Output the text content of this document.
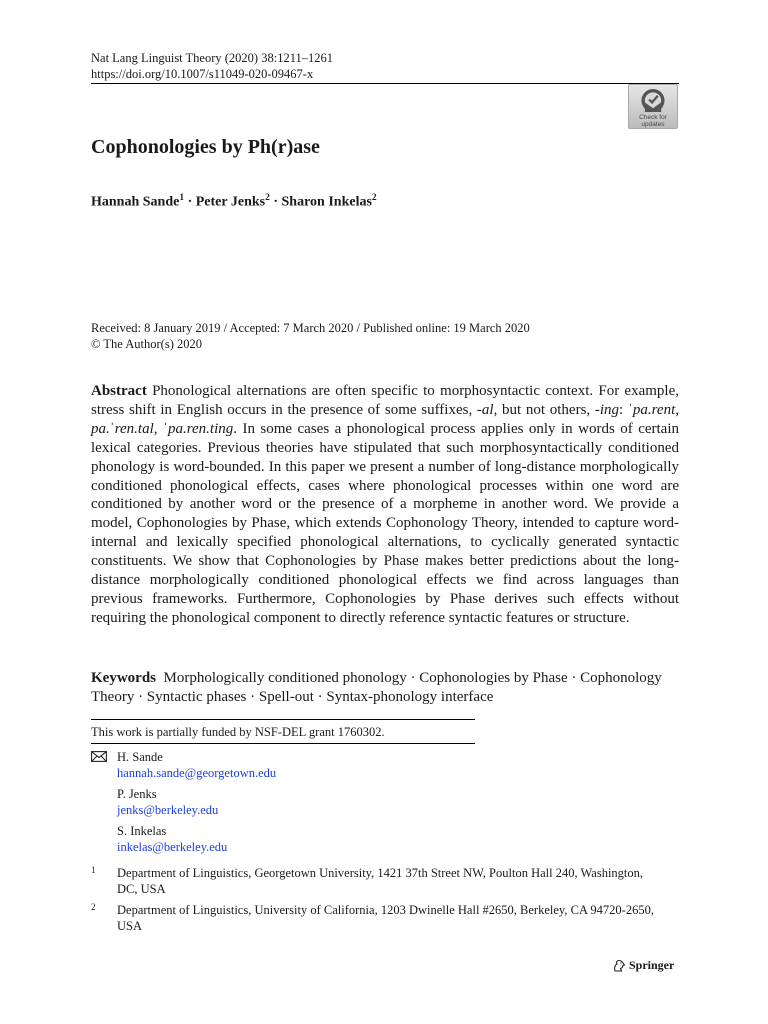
Nat Lang Linguist Theory (2020) 38:1211–1261
https://doi.org/10.1007/s11049-020-09467-x
Check for
updates
Cophonologies by Ph(r)ase
Hannah Sande$^1$ · Peter Jenks$^2$ · Sharon Inkelas$^2$
Received: 8 January 2019 / Accepted: 7 March 2020 / Published online: 19 March 2020
© The Author(s) 2020
Abstract Phonological alternations are often specific to morphosyntactic context. For example, stress shift in English occurs in the presence of some suffixes, -al, but not others, -ing: ˈpa.rent, pa.ˈren.tal, ˈpa.ren.ting. In some cases a phonological process applies only in words of certain lexical categories. Previous theories have stipulated that such morphosyntactically conditioned phonology is word-bounded. In this paper we present a number of long-distance morphologically conditioned phonological effects, cases where phonological processes within one word are conditioned by another word or the presence of a morpheme in another word. We provide a model, Cophonologies by Phase, which extends Cophonology Theory, intended to capture word-internal and lexically specified phonological alternations, to cyclically generated syntactic constituents. We show that Cophonologies by Phase makes better predictions about the long-distance morphologically conditioned phonological effects we find across languages than previous frameworks. Furthermore, Cophonologies by Phase derives such effects without requiring the phonological component to directly reference syntactic features or structure.
Keywords Morphologically conditioned phonology · Cophonologies by Phase · Cophonology Theory · Syntactic phases · Spell-out · Syntax-phonology interface
This work is partially funded by NSF-DEL grant 1760302.
H. Sande
hannah.sande@georgetown.edu
P. Jenks
jenks@berkeley.edu
S. Inkelas
inkelas@berkeley.edu
1 Department of Linguistics, Georgetown University, 1421 37th Street NW, Poulton Hall 240, Washington, DC, USA
2 Department of Linguistics, University of California, 1203 Dwinelle Hall #2650, Berkeley, CA 94720-2650, USA
Springer
